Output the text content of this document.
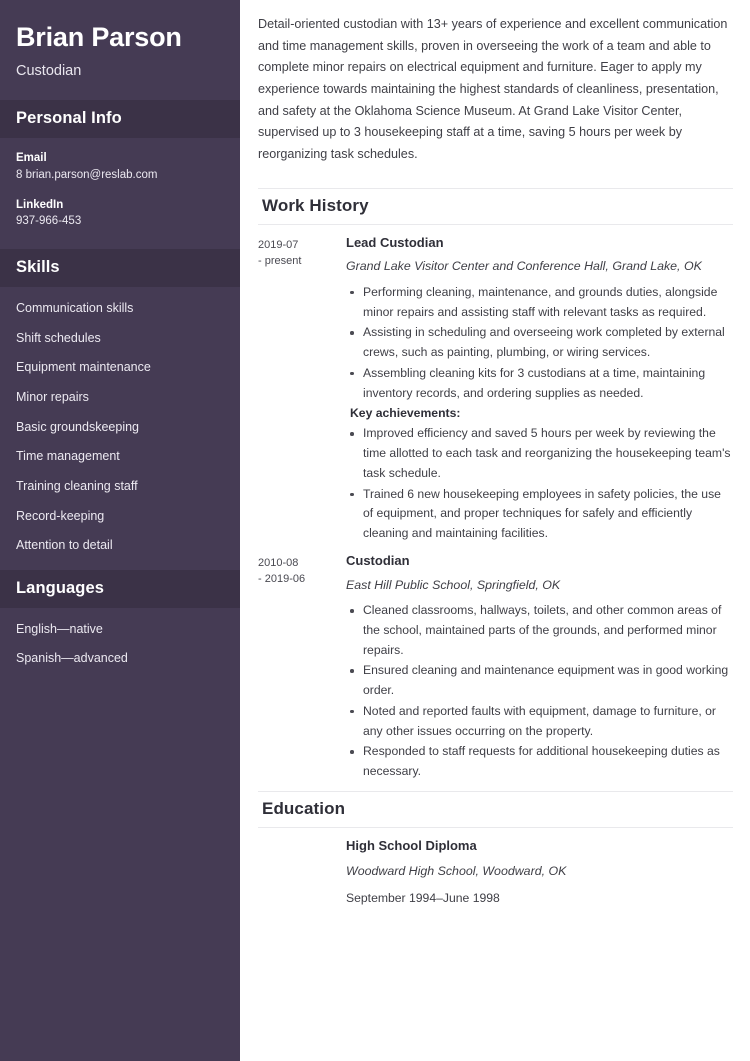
Brian Parson

Custodian

Personal Info
Email
8 brian.parson@reslab.com
LinkedIn
937-966-453
Skills
Communication skills
Shift schedules
Equipment maintenance
Minor repairs
Basic groundskeeping
Time management
Training cleaning staff
Record-keeping
Attention to detail
Languages
English—native
Spanish—advanced

Detail-oriented custodian with 13+ years of experience and excellent communication and time management skills, proven in overseeing the work of a team and able to complete minor repairs on electrical equipment and furniture. Eager to apply my experience towards maintaining the highest standards of cleanliness, presentation, and safety at the Oklahoma Science Museum. At Grand Lake Visitor Center, supervised up to 3 housekeeping staff at a time, saving 5 hours per week by reorganizing task schedules.

Work History
2019-07
- present
Lead Custodian

Grand Lake Visitor Center and Conference Hall, Grand Lake, OK

Performing cleaning, maintenance, and grounds duties, alongside minor repairs and assisting staff with relevant tasks as required.
Assisting in scheduling and overseeing work completed by external crews, such as painting, plumbing, or wiring services.
Assembling cleaning kits for 3 custodians at a time, maintaining inventory records, and ordering supplies as needed.

Key achievements:

Improved efficiency and saved 5 hours per week by reviewing the time allotted to each task and reorganizing the housekeeping team's task schedule.
Trained 6 new housekeeping employees in safety policies, the use of equipment, and proper techniques for safely and efficiently cleaning and maintaining facilities.
2010-08
- 2019-06
Custodian

East Hill Public School, Springfield, OK

Cleaned classrooms, hallways, toilets, and other common areas of the school, maintained parts of the grounds, and performed minor repairs.
Ensured cleaning and maintenance equipment was in good working order.
Noted and reported faults with equipment, damage to furniture, or any other issues occurring on the property.
Responded to staff requests for additional housekeeping duties as necessary.
Education
High School Diploma

Woodward High School, Woodward, OK

September 1994–June 1998
